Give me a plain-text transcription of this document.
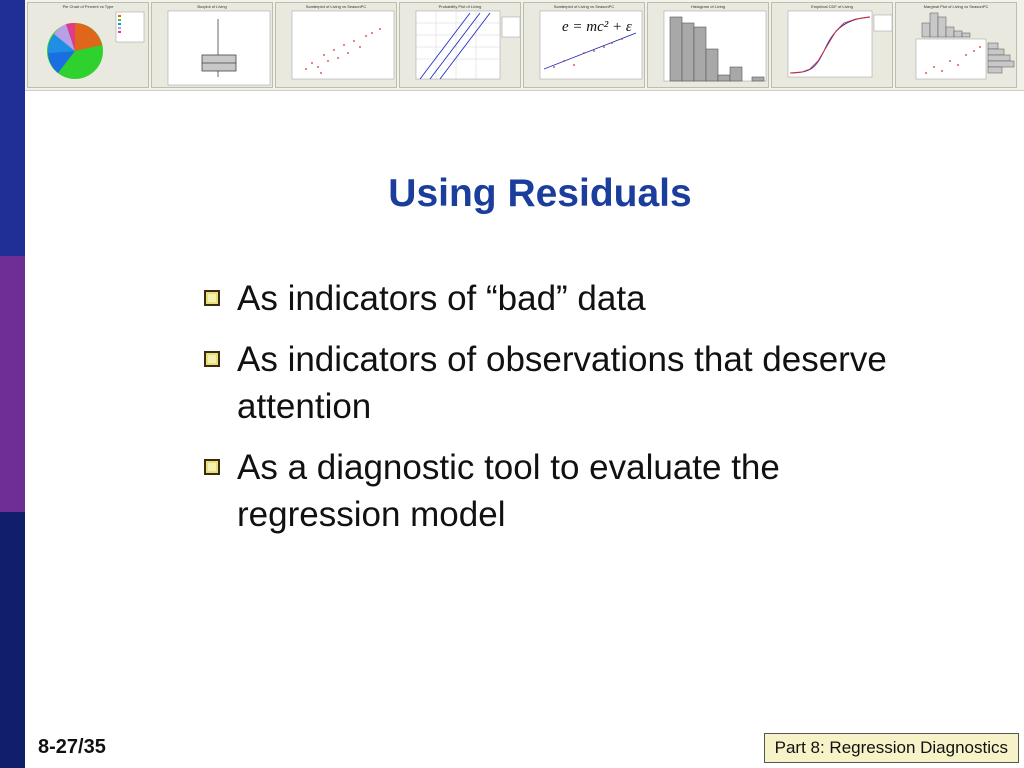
Pie Chart of Percent vs Type	Boxplot of Living	Scatterplot of Living vs SeasonPC	Probability Plot of Living	Scatterplot of Living vs SeasonPC
e = mc² + ε
Histogram of Living	Empirical CDF of Living	Marginal Plot of Living vs SeasonPC
Using Residuals
As indicators of “bad” data
As indicators of observations that deserve attention
As a diagnostic tool to evaluate the regression model
8-27/35	Part 8: Regression Diagnostics
